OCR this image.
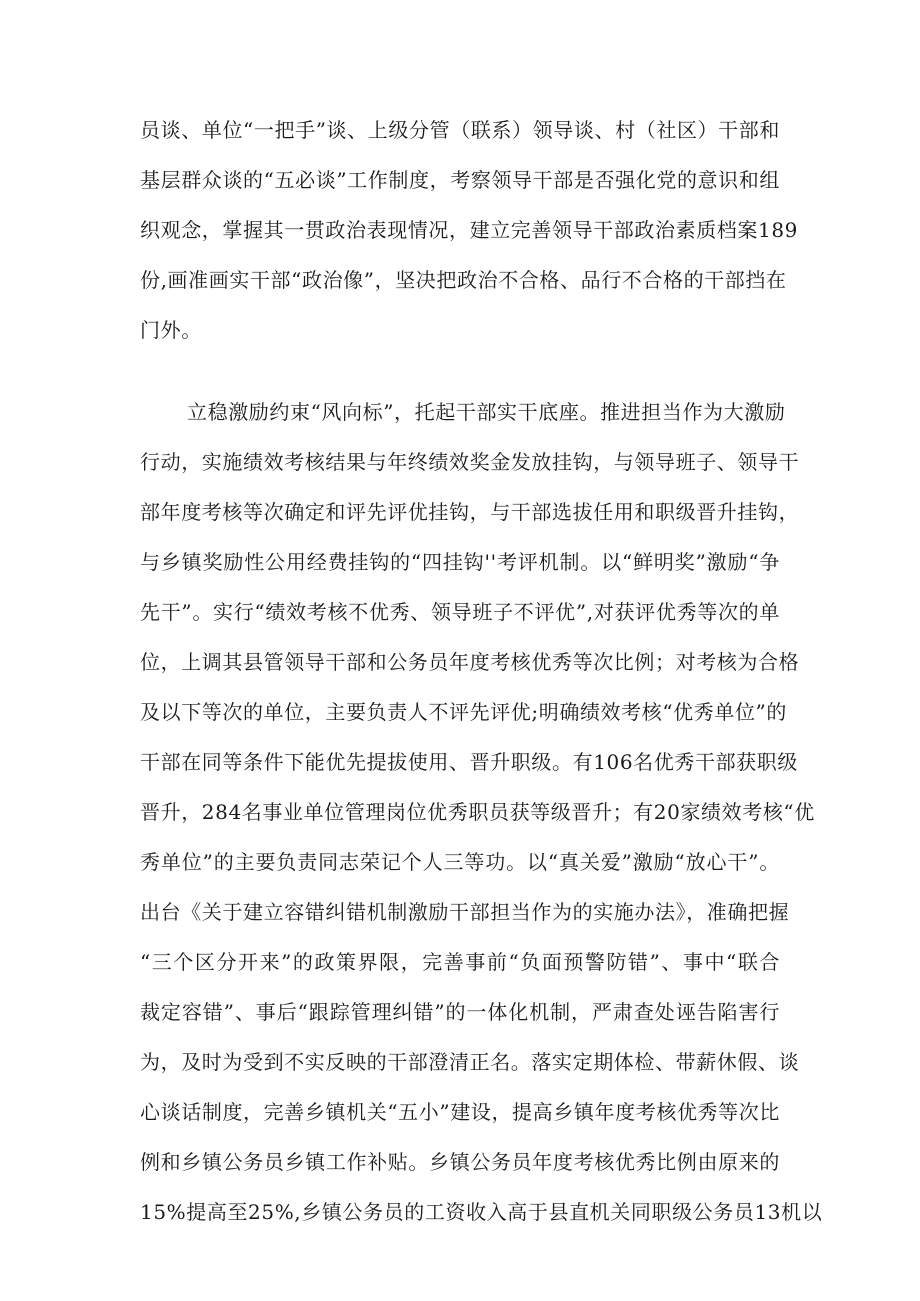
员谈、单位“一把手”谈、上级分管（联系）领导谈、村（社区）干部和

基层群众谈的“五必谈”工作制度，考察领导干部是否强化党的意识和组

织观念，掌握其一贯政治表现情况，建立完善领导干部政治素质档案189

份,画准画实干部“政治像”，坚决把政治不合格、品行不合格的干部挡在

门外。

立稳激励约束“风向标”，托起干部实干底座。推进担当作为大激励

行动，实施绩效考核结果与年终绩效奖金发放挂钩，与领导班子、领导干

部年度考核等次确定和评先评优挂钩，与干部选拔任用和职级晋升挂钩，

与乡镇奖励性公用经费挂钩的“四挂钩''考评机制。以“鲜明奖”激励“争

先干”。实行“绩效考核不优秀、领导班子不评优”,对获评优秀等次的单

位，上调其县管领导干部和公务员年度考核优秀等次比例；对考核为合格

及以下等次的单位，主要负责人不评先评优;明确绩效考核“优秀单位”的

干部在同等条件下能优先提拔使用、晋升职级。有106名优秀干部获职级

晋升，284名事业单位管理岗位优秀职员获等级晋升；有20家绩效考核“优

秀单位”的主要负责同志荣记个人三等功。以“真关爱”激励“放心干”。

出台《关于建立容错纠错机制激励干部担当作为的实施办法》，准确把握

“三个区分开来”的政策界限，完善事前“负面预警防错”、事中“联合

裁定容错”、事后“跟踪管理纠错”的一体化机制，严肃查处诬告陷害行

为，及时为受到不实反映的干部澄清正名。落实定期体检、带薪休假、谈

心谈话制度，完善乡镇机关“五小”建设，提高乡镇年度考核优秀等次比

例和乡镇公务员乡镇工作补贴。乡镇公务员年度考核优秀比例由原来的

15%提高至25%,乡镇公务员的工资收入高于县直机关同职级公务员13机以
